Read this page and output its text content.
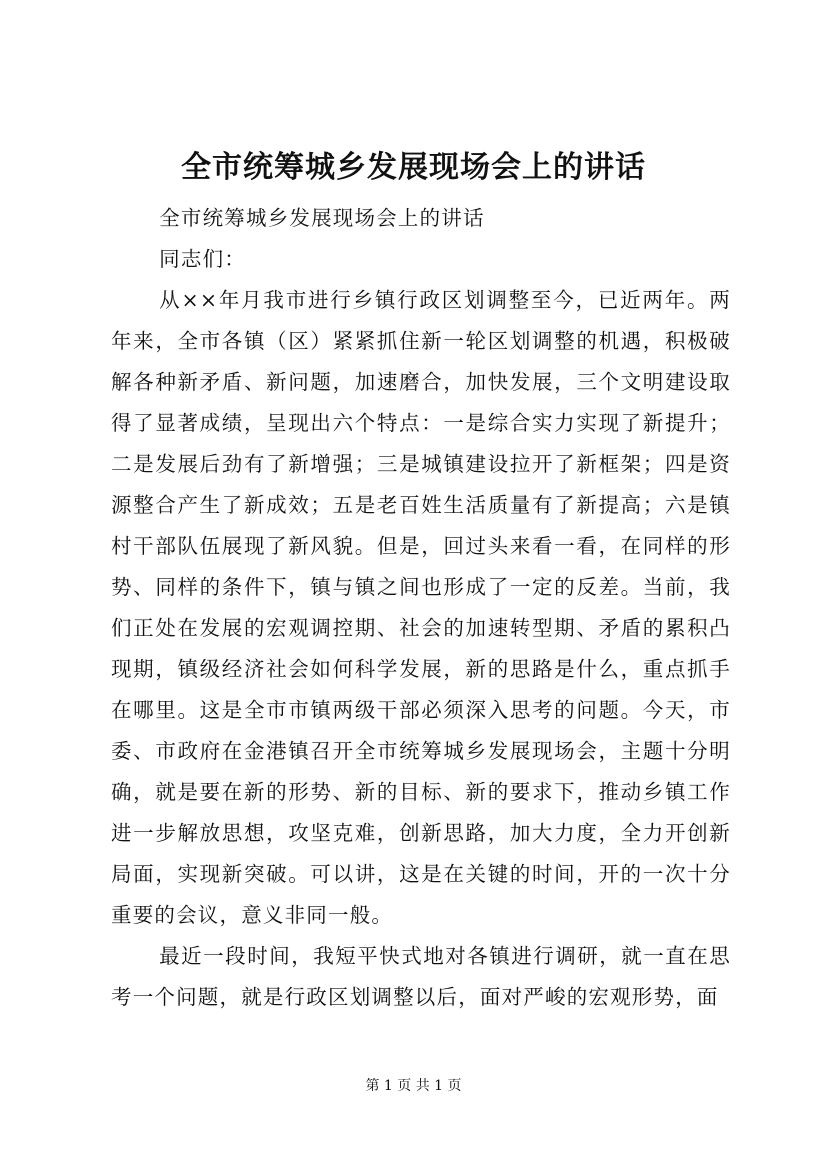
全市统筹城乡发展现场会上的讲话

全市统筹城乡发展现场会上的讲话

同志们：

从××年月我市进行乡镇行政区划调整至今，已近两年。两年来，全市各镇（区）紧紧抓住新一轮区划调整的机遇，积极破解各种新矛盾、新问题，加速磨合，加快发展，三个文明建设取得了显著成绩，呈现出六个特点：一是综合实力实现了新提升；二是发展后劲有了新增强；三是城镇建设拉开了新框架；四是资源整合产生了新成效；五是老百姓生活质量有了新提高；六是镇村干部队伍展现了新风貌。但是，回过头来看一看，在同样的形势、同样的条件下，镇与镇之间也形成了一定的反差。当前，我们正处在发展的宏观调控期、社会的加速转型期、矛盾的累积凸现期，镇级经济社会如何科学发展，新的思路是什么，重点抓手在哪里。这是全市市镇两级干部必须深入思考的问题。今天，市委、市政府在金港镇召开全市统筹城乡发展现场会，主题十分明确，就是要在新的形势、新的目标、新的要求下，推动乡镇工作进一步解放思想，攻坚克难，创新思路，加大力度，全力开创新局面，实现新突破。可以讲，这是在关键的时间，开的一次十分重要的会议，意义非同一般。

最近一段时间，我短平快式地对各镇进行调研，就一直在思考一个问题，就是行政区划调整以后，面对严峻的宏观形势，面

第 1 页 共 1 页
